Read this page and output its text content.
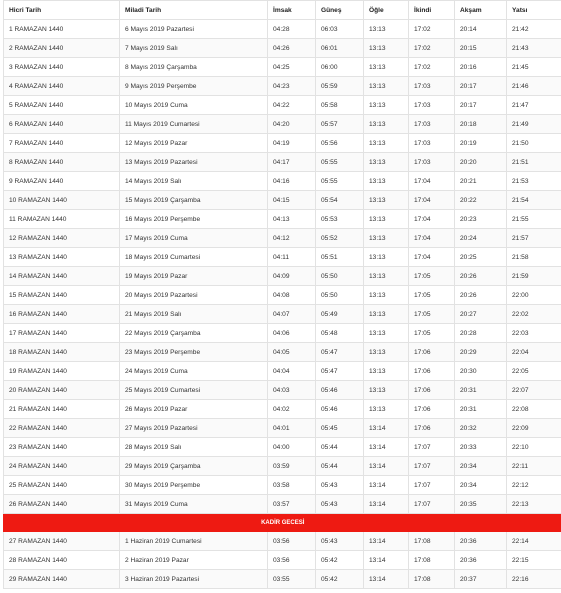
Hicri Tarih	Miladi Tarih	İmsak	Güneş	Öğle	İkindi	Akşam	Yatsı
1 RAMAZAN 1440	6 Mayıs 2019 Pazartesi	04:28	06:03	13:13	17:02	20:14	21:42
2 RAMAZAN 1440	7 Mayıs 2019 Salı	04:26	06:01	13:13	17:02	20:15	21:43
3 RAMAZAN 1440	8 Mayıs 2019 Çarşamba	04:25	06:00	13:13	17:02	20:16	21:45
4 RAMAZAN 1440	9 Mayıs 2019 Perşembe	04:23	05:59	13:13	17:03	20:17	21:46
5 RAMAZAN 1440	10 Mayıs 2019 Cuma	04:22	05:58	13:13	17:03	20:17	21:47
6 RAMAZAN 1440	11 Mayıs 2019 Cumartesi	04:20	05:57	13:13	17:03	20:18	21:49
7 RAMAZAN 1440	12 Mayıs 2019 Pazar	04:19	05:56	13:13	17:03	20:19	21:50
8 RAMAZAN 1440	13 Mayıs 2019 Pazartesi	04:17	05:55	13:13	17:03	20:20	21:51
9 RAMAZAN 1440	14 Mayıs 2019 Salı	04:16	05:55	13:13	17:04	20:21	21:53
10 RAMAZAN 1440	15 Mayıs 2019 Çarşamba	04:15	05:54	13:13	17:04	20:22	21:54
11 RAMAZAN 1440	16 Mayıs 2019 Perşembe	04:13	05:53	13:13	17:04	20:23	21:55
12 RAMAZAN 1440	17 Mayıs 2019 Cuma	04:12	05:52	13:13	17:04	20:24	21:57
13 RAMAZAN 1440	18 Mayıs 2019 Cumartesi	04:11	05:51	13:13	17:04	20:25	21:58
14 RAMAZAN 1440	19 Mayıs 2019 Pazar	04:09	05:50	13:13	17:05	20:26	21:59
15 RAMAZAN 1440	20 Mayıs 2019 Pazartesi	04:08	05:50	13:13	17:05	20:26	22:00
16 RAMAZAN 1440	21 Mayıs 2019 Salı	04:07	05:49	13:13	17:05	20:27	22:02
17 RAMAZAN 1440	22 Mayıs 2019 Çarşamba	04:06	05:48	13:13	17:05	20:28	22:03
18 RAMAZAN 1440	23 Mayıs 2019 Perşembe	04:05	05:47	13:13	17:06	20:29	22:04
19 RAMAZAN 1440	24 Mayıs 2019 Cuma	04:04	05:47	13:13	17:06	20:30	22:05
20 RAMAZAN 1440	25 Mayıs 2019 Cumartesi	04:03	05:46	13:13	17:06	20:31	22:07
21 RAMAZAN 1440	26 Mayıs 2019 Pazar	04:02	05:46	13:13	17:06	20:31	22:08
22 RAMAZAN 1440	27 Mayıs 2019 Pazartesi	04:01	05:45	13:14	17:06	20:32	22:09
23 RAMAZAN 1440	28 Mayıs 2019 Salı	04:00	05:44	13:14	17:07	20:33	22:10
24 RAMAZAN 1440	29 Mayıs 2019 Çarşamba	03:59	05:44	13:14	17:07	20:34	22:11
25 RAMAZAN 1440	30 Mayıs 2019 Perşembe	03:58	05:43	13:14	17:07	20:34	22:12
26 RAMAZAN 1440	31 Mayıs 2019 Cuma	03:57	05:43	13:14	17:07	20:35	22:13
KADİR GECESİ							
27 RAMAZAN 1440	1 Haziran 2019 Cumartesi	03:56	05:43	13:14	17:08	20:36	22:14
28 RAMAZAN 1440	2 Haziran 2019 Pazar	03:56	05:42	13:14	17:08	20:36	22:15
29 RAMAZAN 1440	3 Haziran 2019 Pazartesi	03:55	05:42	13:14	17:08	20:37	22:16
